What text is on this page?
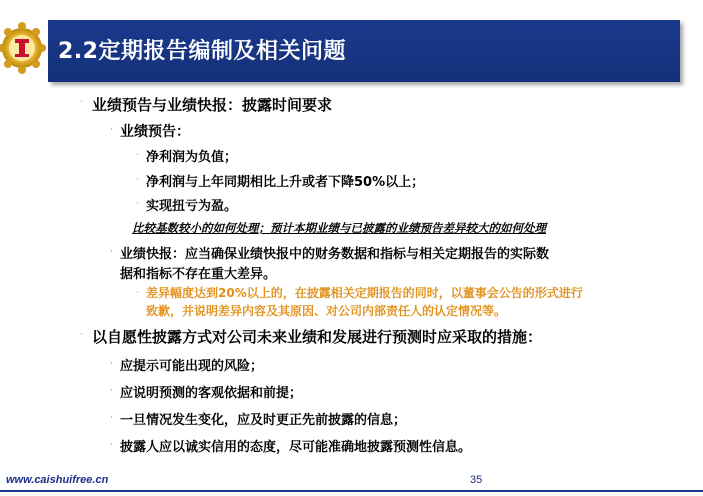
2.2定期报告编制及相关问题
· 业绩预告与业绩快报：披露时间要求
· 业绩预告：
· 净利润为负值；
· 净利润与上年同期相比上升或者下降50%以上；
· 实现扭亏为盈。
比较基数较小的如何处理；预计本期业绩与已披露的业绩预告差异较大的如何处理
· 业绩快报：应当确保业绩快报中的财务数据和指标与相关定期报告的实际数
据和指标不存在重大差异。
· 差异幅度达到20%以上的，在披露相关定期报告的同时，以董事会公告的形式进行
致歉，并说明差异内容及其原因、对公司内部责任人的认定情况等。
· 以自愿性披露方式对公司未来业绩和发展进行预测时应采取的措施：
· 应提示可能出现的风险；
· 应说明预测的客观依据和前提；
· 一旦情况发生变化，应及时更正先前披露的信息；
· 披露人应以诚实信用的态度，尽可能准确地披露预测性信息。
www.caishuifree.cn	35
